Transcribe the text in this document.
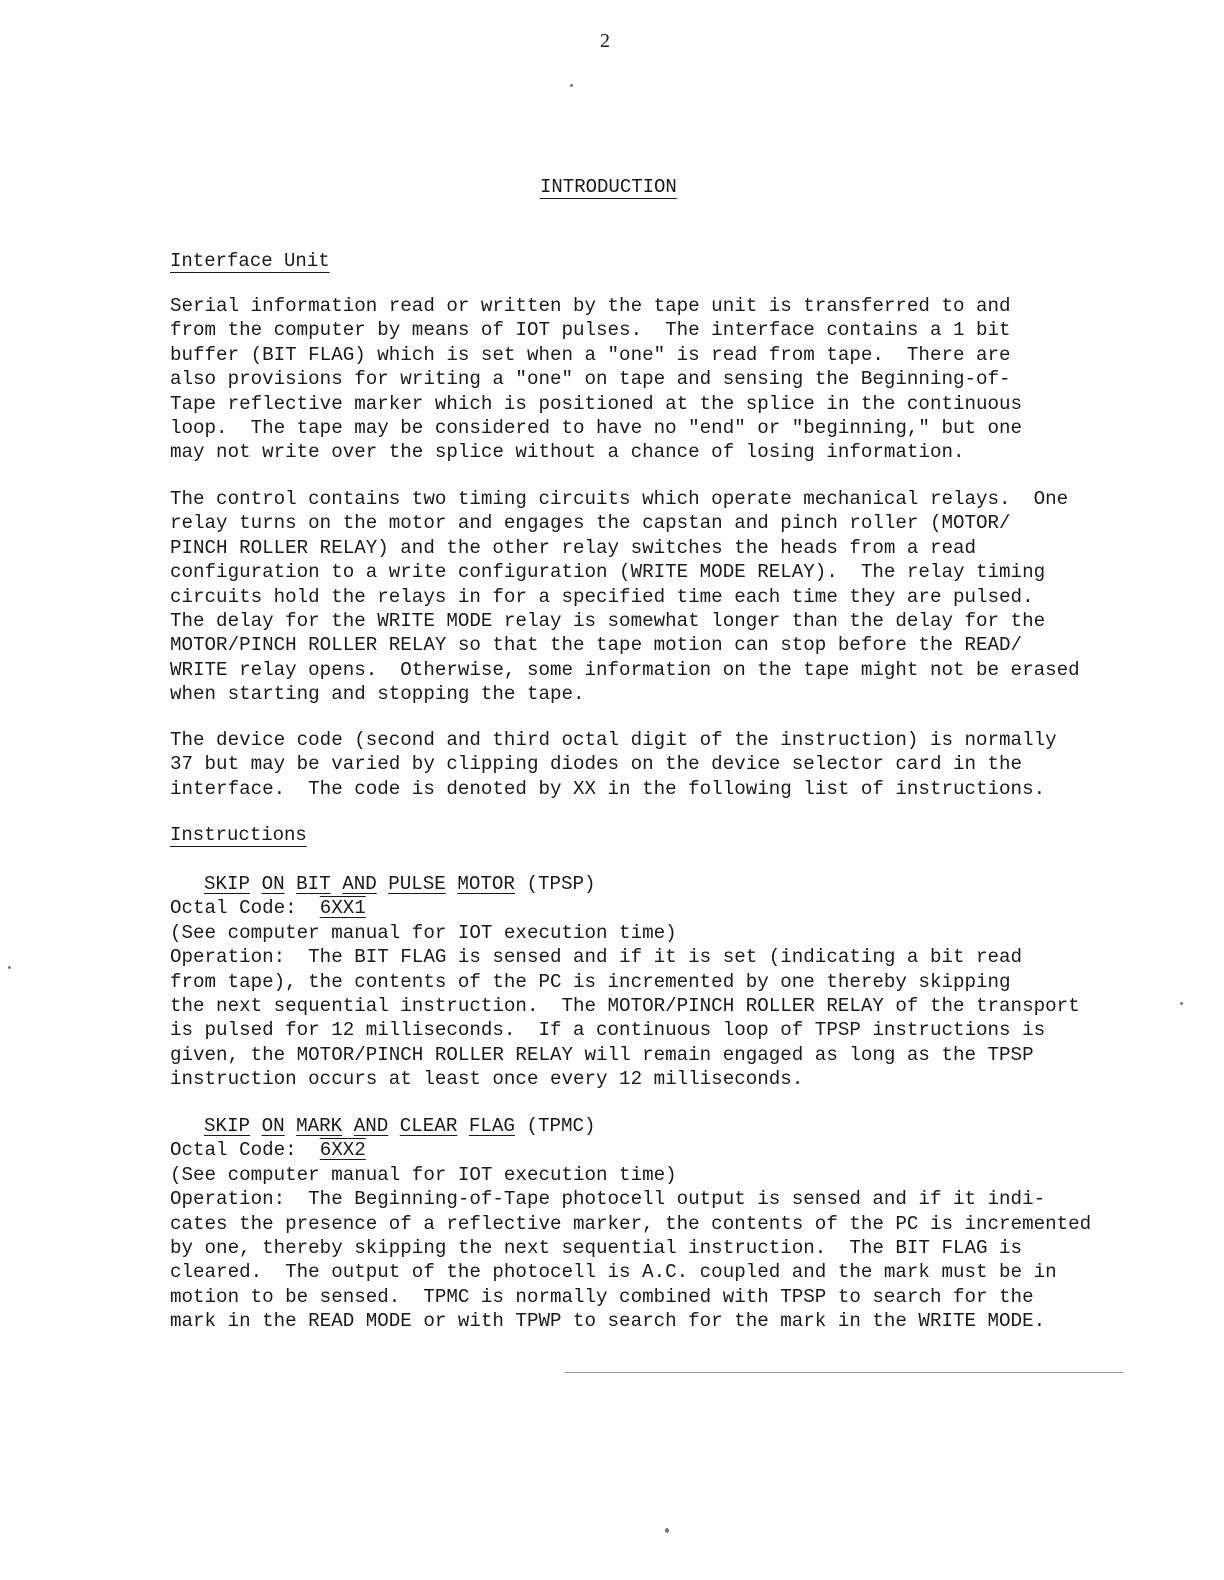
2
INTRODUCTION
Interface Unit
Serial information read or written by the tape unit is transferred to and
from the computer by means of IOT pulses.  The interface contains a 1 bit
buffer (BIT FLAG) which is set when a "one" is read from tape.  There are
also provisions for writing a "one" on tape and sensing the Beginning-of-
Tape reflective marker which is positioned at the splice in the continuous
loop.  The tape may be considered to have no "end" or "beginning," but one
may not write over the splice without a chance of losing information.
The control contains two timing circuits which operate mechanical relays.  One
relay turns on the motor and engages the capstan and pinch roller (MOTOR/
PINCH ROLLER RELAY) and the other relay switches the heads from a read
configuration to a write configuration (WRITE MODE RELAY).  The relay timing
circuits hold the relays in for a specified time each time they are pulsed.
The delay for the WRITE MODE relay is somewhat longer than the delay for the
MOTOR/PINCH ROLLER RELAY so that the tape motion can stop before the READ/
WRITE relay opens.  Otherwise, some information on the tape might not be erased
when starting and stopping the tape.
The device code (second and third octal digit of the instruction) is normally
37 but may be varied by clipping diodes on the device selector card in the
interface.  The code is denoted by XX in the following list of instructions.
Instructions
SKIP ON BIT AND PULSE MOTOR (TPSP)
Octal Code: 6XX1
(See computer manual for IOT execution time)
Operation:  The BIT FLAG is sensed and if it is set (indicating a bit read
from tape), the contents of the PC is incremented by one thereby skipping
the next sequential instruction.  The MOTOR/PINCH ROLLER RELAY of the transport
is pulsed for 12 milliseconds.  If a continuous loop of TPSP instructions is
given, the MOTOR/PINCH ROLLER RELAY will remain engaged as long as the TPSP
instruction occurs at least once every 12 milliseconds.
SKIP ON MARK AND CLEAR FLAG (TPMC)
Octal Code: 6XX2
(See computer manual for IOT execution time)
Operation:  The Beginning-of-Tape photocell output is sensed and if it indi-
cates the presence of a reflective marker, the contents of the PC is incremented
by one, thereby skipping the next sequential instruction.  The BIT FLAG is
cleared.  The output of the photocell is A.C. coupled and the mark must be in
motion to be sensed.  TPMC is normally combined with TPSP to search for the
mark in the READ MODE or with TPWP to search for the mark in the WRITE MODE.
